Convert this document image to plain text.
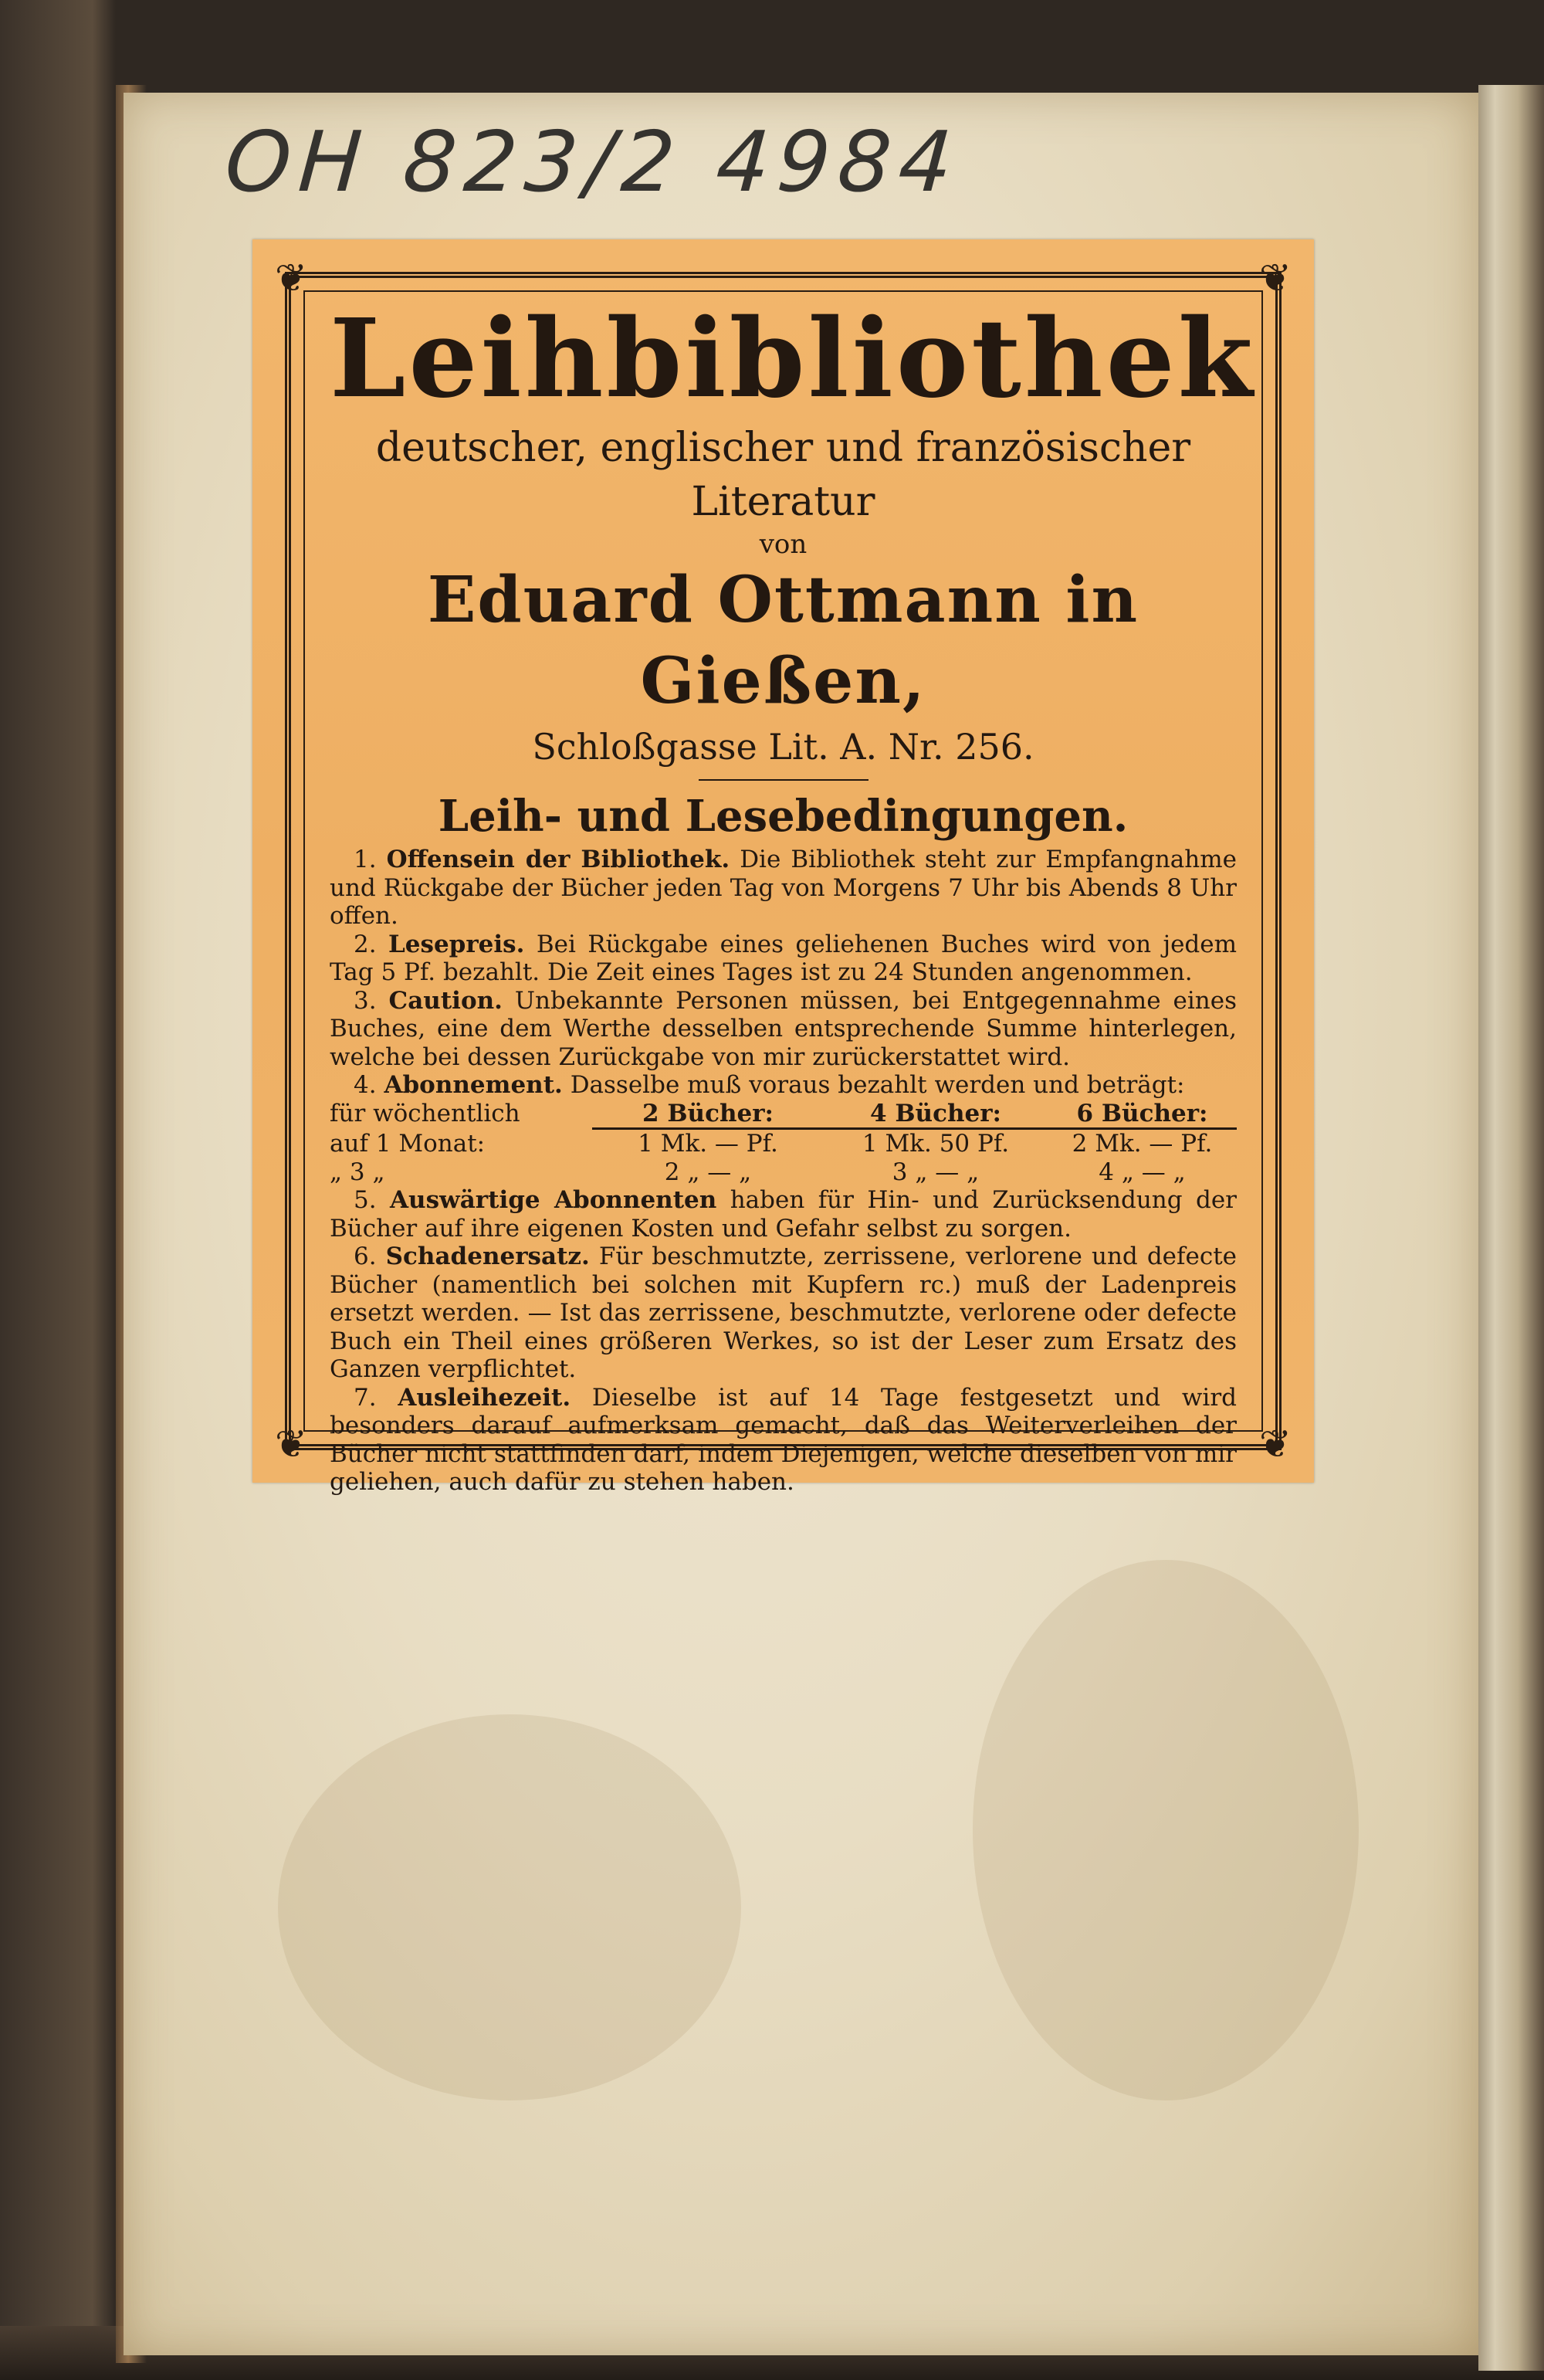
OH 823/2 4984
❦	❦
❦	❦
Leihbibliothek
deutscher, englischer und französischer Literatur
von
Eduard Ottmann in Gießen,
Schloßgasse Lit. A. Nr. 256.
Leih- und Lesebedingungen.
 1. Offensein der Bibliothek. Die Bibliothek steht zur Empfangnahme und Rückgabe der Bücher jeden Tag von Morgens 7 Uhr bis Abends 8 Uhr offen.
 2. Lesepreis. Bei Rückgabe eines geliehenen Buches wird von jedem Tag 5 Pf. bezahlt. Die Zeit eines Tages ist zu 24 Stunden angenommen.
 3. Caution. Unbekannte Personen müssen, bei Entgegennahme eines Buches, eine dem Werthe desselben entsprechende Summe hinterlegen, welche bei dessen Zurückgabe von mir zurückerstattet wird.
 4. Abonnement. Dasselbe muß voraus bezahlt werden und beträgt:
für wöchentlich	2 Bücher:	4 Bücher:	6 Bücher:
auf 1 Monat:	1 Mk. — Pf.	1 Mk. 50 Pf.	2 Mk. — Pf.
„ 3 „	2 „ — „	3 „ — „	4 „ — „
 5. Auswärtige Abonnenten haben für Hin- und Zurücksendung der Bücher auf ihre eigenen Kosten und Gefahr selbst zu sorgen.
 6. Schadenersatz. Für beschmutzte, zerrissene, verlorene und defecte Bücher (namentlich bei solchen mit Kupfern rc.) muß der Ladenpreis ersetzt werden. — Ist das zerrissene, beschmutzte, verlorene oder defecte Buch ein Theil eines größeren Werkes, so ist der Leser zum Ersatz des Ganzen verpflichtet.
 7. Ausleihezeit. Dieselbe ist auf 14 Tage festgesetzt und wird besonders darauf aufmerksam gemacht, daß das Weiterverleihen der Bücher nicht stattfinden darf, indem Diejenigen, welche dieselben von mir geliehen, auch dafür zu stehen haben.
